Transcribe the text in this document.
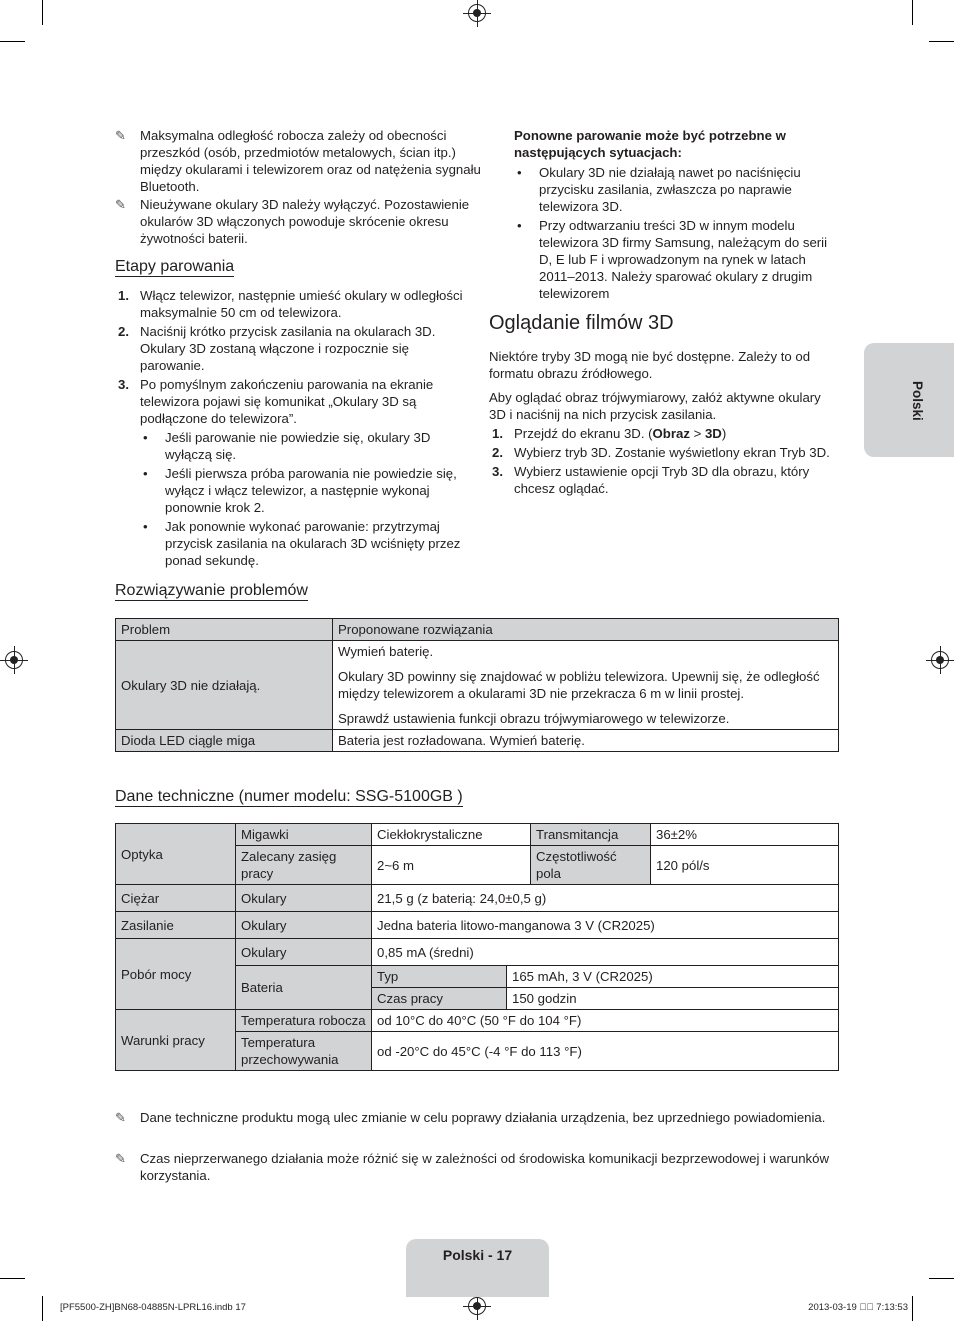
✎ Maksymalna odległość robocza zależy od obecności przeszkód (osób, przedmiotów metalowych, ścian itp.) między okularami i telewizorem oraz od natężenia sygnału Bluetooth.
✎ Nieużywane okulary 3D należy wyłączyć. Pozostawienie okularów 3D włączonych powoduje skrócenie okresu żywotności baterii.
Etapy parowania
1. Włącz telewizor, następnie umieść okulary w odległości maksymalnie 50 cm od telewizora.
2. Naciśnij krótko przycisk zasilania na okularach 3D. Okulary 3D zostaną włączone i rozpocznie się parowanie.
3. Po pomyślnym zakończeniu parowania na ekranie telewizora pojawi się komunikat „Okulary 3D są podłączone do telewizora”.
• Jeśli parowanie nie powiedzie się, okulary 3D wyłączą się.
• Jeśli pierwsza próba parowania nie powiedzie się, wyłącz i włącz telewizor, a następnie wykonaj ponownie krok 2.
• Jak ponownie wykonać parowanie: przytrzymaj przycisk zasilania na okularach 3D wciśnięty przez ponad sekundę.
Ponowne parowanie może być potrzebne w następujących sytuacjach:
• Okulary 3D nie działają nawet po naciśnięciu przycisku zasilania, zwłaszcza po naprawie telewizora 3D.
• Przy odtwarzaniu treści 3D w innym modelu telewizora 3D firmy Samsung, należącym do serii D, E lub F i wprowadzonym na rynek w latach 2011–2013. Należy sparować okulary z drugim telewizorem
Oglądanie filmów 3D
Niektóre tryby 3D mogą nie być dostępne. Zależy to od formatu obrazu źródłowego.
Aby oglądać obraz trójwymiarowy, załóż aktywne okulary 3D i naciśnij na nich przycisk zasilania.
1. Przejdź do ekranu 3D. (Obraz > 3D)
2. Wybierz tryb 3D. Zostanie wyświetlony ekran Tryb 3D.
3. Wybierz ustawienie opcji Tryb 3D dla obrazu, który chcesz oglądać.
Polski
Rozwiązywanie problemów
Problem	Proponowane rozwiązania
Okulary 3D nie działają.	Wymień baterię.
	Okulary 3D powinny się znajdować w pobliżu telewizora. Upewnij się, że odległość między telewizorem a okularami 3D nie przekracza 6 m w linii prostej.
	Sprawdź ustawienia funkcji obrazu trójwymiarowego w telewizorze.
Dioda LED ciągle miga	Bateria jest rozładowana. Wymień baterię.
Dane techniczne (numer modelu: SSG-5100GB )
Optyka	Migawki	Ciekłokrystaliczne		Transmitancja	36±2%
	Zalecany zasięg pracy	2~6 m		Częstotliwość pola	120 pól/s
Ciężar	Okulary	21,5 g (z baterią: 24,0±0,5 g)			
Zasilanie	Okulary	Jedna bateria litowo-manganowa 3 V (CR2025)			
Pobór mocy	Okulary	0,85 mA (średni)			
	Bateria	Typ	165 mAh, 3 V (CR2025)		
		Czas pracy	150 godzin		
Warunki pracy	Temperatura robocza	od 10°C do 40°C (50 °F do 104 °F)			
	Temperatura przechowywania	od -20°C do 45°C (-4 °F do 113 °F)			
✎ Dane techniczne produktu mogą ulec zmianie w celu poprawy działania urządzenia, bez uprzedniego powiadomienia.
✎ Czas nieprzerwanego działania może różnić się w zależności od środowiska komunikacji bezprzewodowej i warunków korzystania.
Polski - 17
[PF5500-ZH]BN68-04885N-LPRL16.indb 17	2013-03-19 ￿￿ 7:13:53
